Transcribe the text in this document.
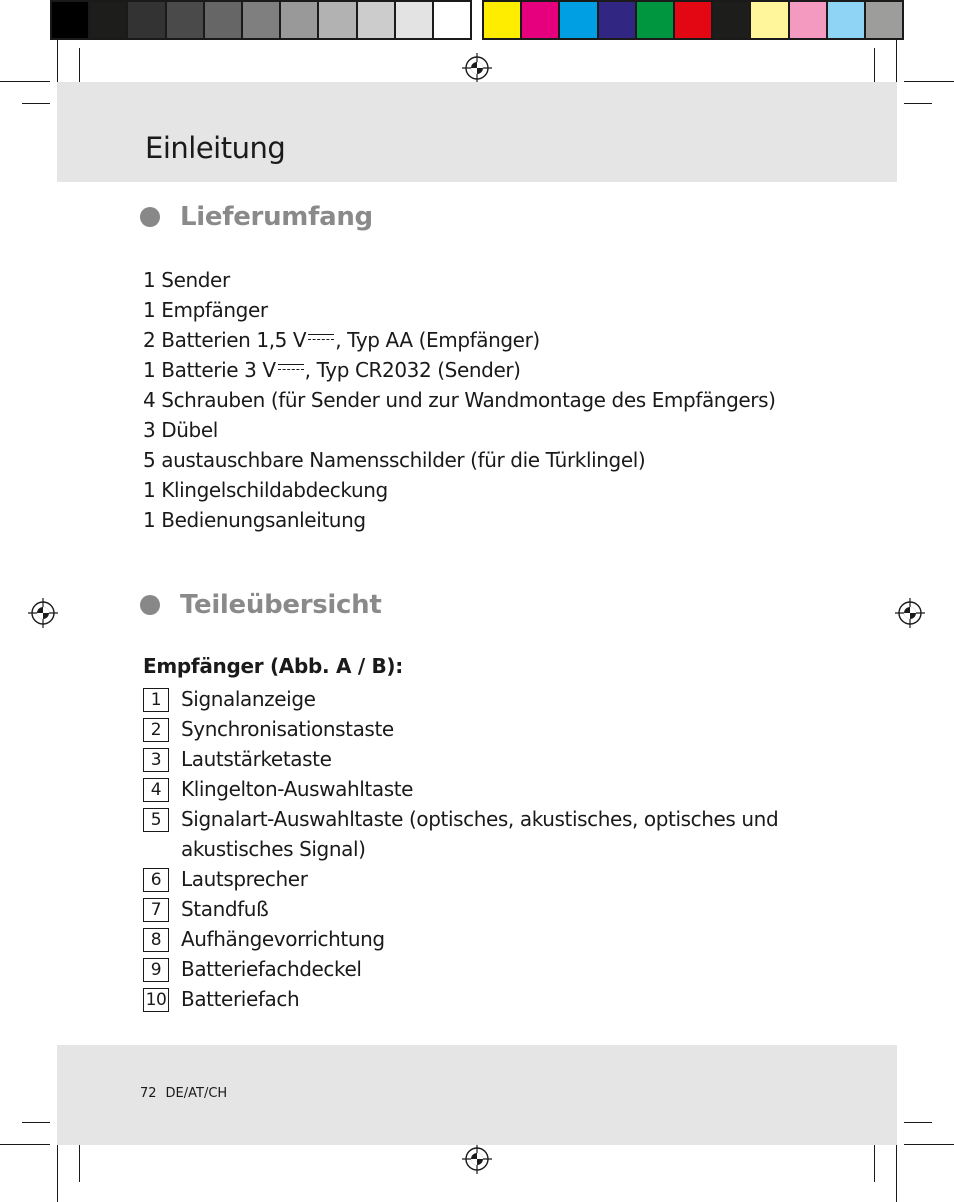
Einleitung
Lieferumfang
1 Sender
1 Empfänger
2 Batterien 1,5 V , Typ AA (Empfänger)
1 Batterie 3 V , Typ CR2032 (Sender)
4 Schrauben (für Sender und zur Wandmontage des Empfängers)
3 Dübel
5 austauschbare Namensschilder (für die Türklingel)
1 Klingelschildabdeckung
1 Bedienungsanleitung
Teileübersicht
Empfänger (Abb. A / B):
1 Signalanzeige
2 Synchronisationstaste
3 Lautstärketaste
4 Klingelton-Auswahltaste
5 Signalart-Auswahltaste (optisches, akustisches, optisches und akustisches Signal)
6 Lautsprecher
7 Standfuß
8 Aufhängevorrichtung
9 Batteriefachdeckel
10 Batteriefach
72 DE/AT/CH
